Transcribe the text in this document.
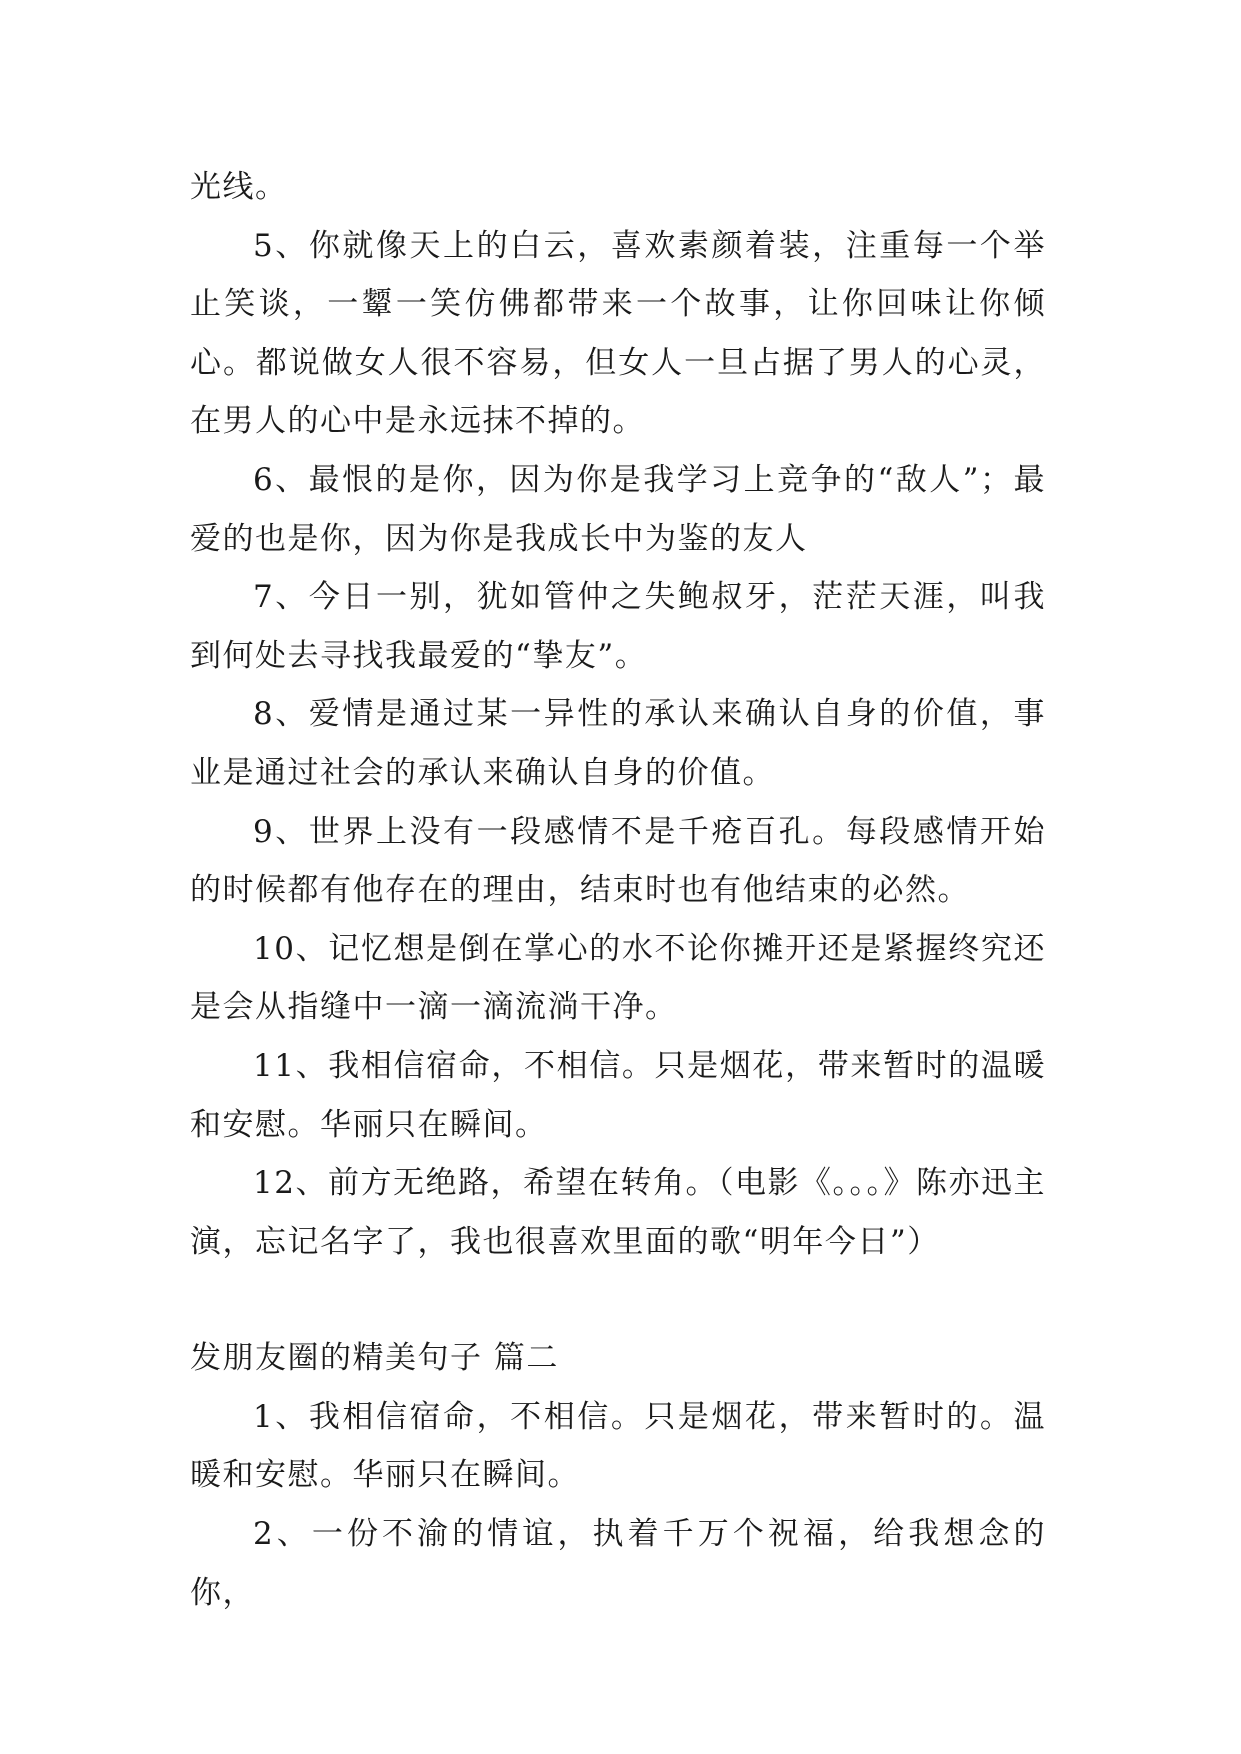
光线。

5、你就像天上的白云，喜欢素颜着装，注重每一个举止笑谈，一颦一笑仿佛都带来一个故事，让你回味让你倾心。都说做女人很不容易，但女人一旦占据了男人的心灵，在男人的心中是永远抹不掉的。

6、最恨的是你，因为你是我学习上竞争的“敌人”；最爱的也是你，因为你是我成长中为鉴的友人

7、今日一别，犹如管仲之失鲍叔牙，茫茫天涯，叫我到何处去寻找我最爱的“挚友”。

8、爱情是通过某一异性的承认来确认自身的价值，事业是通过社会的承认来确认自身的价值。

9、世界上没有一段感情不是千疮百孔。每段感情开始的时候都有他存在的理由，结束时也有他结束的必然。

10、记忆想是倒在掌心的水不论你摊开还是紧握终究还是会从指缝中一滴一滴流淌干净。

11、我相信宿命，不相信。只是烟花，带来暂时的温暖和安慰。华丽只在瞬间。

12、前方无绝路，希望在转角。（电影《。。。》陈亦迅主演，忘记名字了，我也很喜欢里面的歌“明年今日”）

发朋友圈的精美句子 篇二

1、我相信宿命，不相信。只是烟花，带来暂时的。温暖和安慰。华丽只在瞬间。

2、一份不渝的情谊，执着千万个祝福，给我想念的你，
